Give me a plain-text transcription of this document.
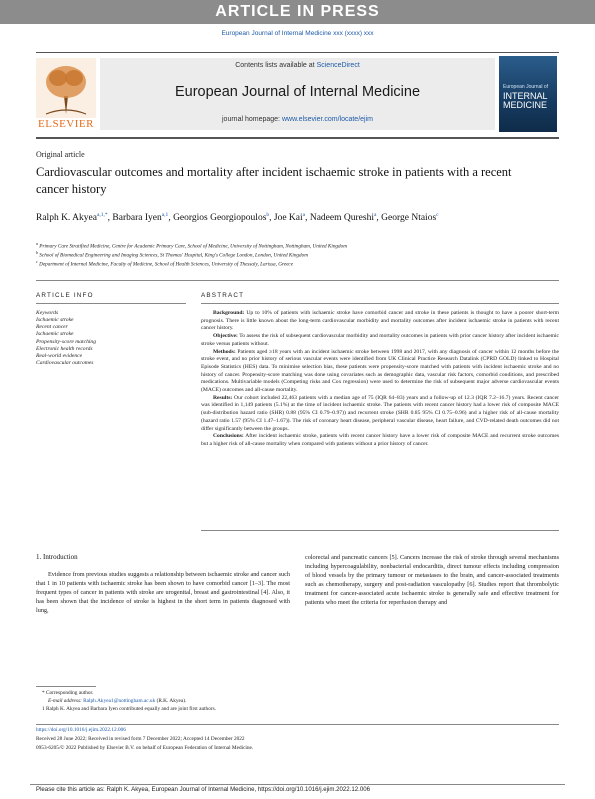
ARTICLE IN PRESS
European Journal of Internal Medicine xxx (xxxx) xxx
ELSEVIER
Contents lists available at ScienceDirect
European Journal of Internal Medicine
journal homepage: www.elsevier.com/locate/ejim
European Journal of
INTERNAL MEDICINE
Original article
Cardiovascular outcomes and mortality after incident ischaemic stroke in patients with a recent cancer history
Ralph K. Akyea$^{a,1,*}$, Barbara Iyen$^{a,1}$, Georgios Georgiopoulos$^b$, Joe Kai$^a$, Nadeem Qureshi$^a$, George Ntaios$^c$
$^a$ Primary Care Stratified Medicine, Centre for Academic Primary Care, School of Medicine, University of Nottingham, Nottingham, United Kingdom
$^b$ School of Biomedical Engineering and Imaging Sciences, St Thomas' Hospital, King's College London, London, United Kingdom
$^c$ Department of Internal Medicine, Faculty of Medicine, School of Health Sciences, University of Thessaly, Larissa, Greece
ARTICLE INFO	ABSTRACT
Keywords
Ischaemic stroke
Recent cancer
Ischaemic stroke
Propensity-score matching
Electronic health records
Real-world evidence
Cardiovascular outcomes

Background: Up to 10% of patients with ischaemic stroke have comorbid cancer and stroke in these patients is thought to have a poorer short-term prognosis. There is little known about the long-term cardiovascular morbidity and mortality outcomes after incident ischaemic stroke in patients with recent cancer history.

Objective: To assess the risk of subsequent cardiovascular morbidity and mortality outcomes in patients with prior cancer history after incident ischaemic stroke versus patients without.

Methods: Patients aged ≥18 years with an incident ischaemic stroke between 1998 and 2017, with any diagnosis of cancer within 12 months before the stroke event, and no prior history of serious vascular events were identified from UK Clinical Practice Research Datalink (CPRD GOLD) linked to Hospital Episode Statistics (HES) data. To minimise selection bias, these patients were propensity-score matched with patients with incident ischaemic stroke and no history of cancer. Propensity-score matching was done using covariates such as demographic data, vascular risk factors, comorbid conditions, and prescribed medications. Multivariable models (Competing risks and Cox regression) were used to determine the risk of subsequent major adverse cardiovascular events (MACE) outcomes and all-cause mortality.

Results: Our cohort included 22,463 patients with a median age of 75 (IQR 64–83) years and a follow-up of 12.3 (IQR 7.2–16.7) years. Recent cancer was identified in 1,149 patients (5.1%) at the time of incident ischaemic stroke. The patients with recent cancer history had a lower risk of composite MACE (sub-distribution hazard ratio (SHR) 0.88 (95% CI 0.79–0.97)) and recurrent stroke (SHR 0.85 95% CI 0.75–0.96) and a higher risk of all-cause mortality (hazard ratio 1.57 (95% CI 1.47–1.67)). The risk of coronary heart disease, peripheral vascular disease, heart failure, and CVD-related death outcomes did not differ significantly between the groups.

Conclusions: After incident ischaemic stroke, patients with recent cancer history have a lower risk of composite MACE and recurrent stroke outcomes but a higher risk of all-cause mortality when compared with patients without a prior history of cancer.

1. Introduction

Evidence from previous studies suggests a relationship between ischaemic stroke and cancer such that 1 in 10 patients with ischaemic stroke has been shown to have comorbid cancer [1–3]. The most frequent types of cancer in patients with stroke are urogenital, breast and gastrointestinal [4]. Also, it has been shown that the incidence of stroke is highest in the short term in patients diagnosed with lung,

colorectal and pancreatic cancers [5]. Cancers increase the risk of stroke through several mechanisms including hypercoagulability, nonbacterial endocarditis, direct tumour effects including compression of blood vessels by the primary tumour or metastases to the brain, and cancer-associated treatments such as chemotherapy, surgery and post-radiation vasculopathy [6]. Studies report that thrombolytic treatment for cancer-associated acute ischaemic stroke is generally safe and effective treatment for patients who meet the criteria for reperfusion therapy and

* Corresponding author.
E-mail address: Ralph.Akyea1@nottingham.ac.uk (R.K. Akyea).
1 Ralph K. Akyea and Barbara Iyen contributed equally and are joint first authors.
https://doi.org/10.1016/j.ejim.2022.12.006
Received 28 June 2022; Received in revised form 7 December 2022; Accepted 14 December 2022
0953-6205/© 2022 Published by Elsevier B.V. on behalf of European Federation of Internal Medicine.
Please cite this article as: Ralph K. Akyea, European Journal of Internal Medicine, https://doi.org/10.1016/j.ejim.2022.12.006
